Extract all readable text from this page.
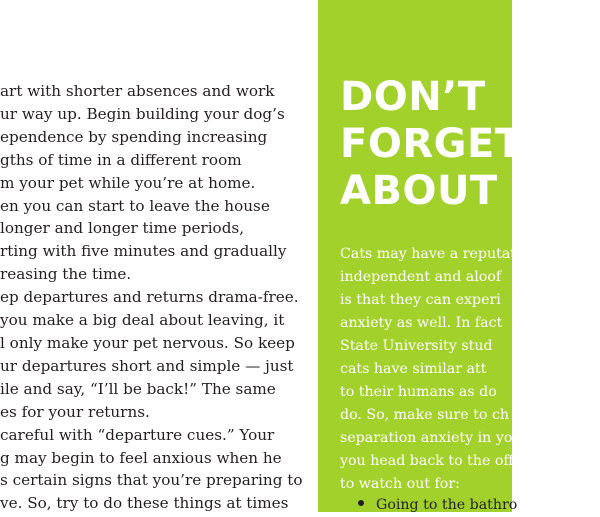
art with shorter absences and work
ur way up. Begin building your dog’s
ependence by spending increasing
gths of time in a different room
m your pet while you’re at home.
en you can start to leave the house
longer and longer time periods,
rting with five minutes and gradually
reasing the time.
ep departures and returns drama-free.
you make a big deal about leaving, it
l only make your pet nervous. So keep
ur departures short and simple — just
ile and say, “I’ll be back!” The same
es for your returns.
careful with “departure cues.” Your
g may begin to feel anxious when he
s certain signs that you’re preparing to
ve. So, try to do these things at times
DON’T
FORGET
ABOUT C
Cats may have a reputation
independent and aloof
is that they can experi
anxiety as well. In fact
State University stud
cats have similar att
to their humans as do
do. So, make sure to ch
separation anxiety in yo
you head back to the off
to watch out for:
Going to the bathro
